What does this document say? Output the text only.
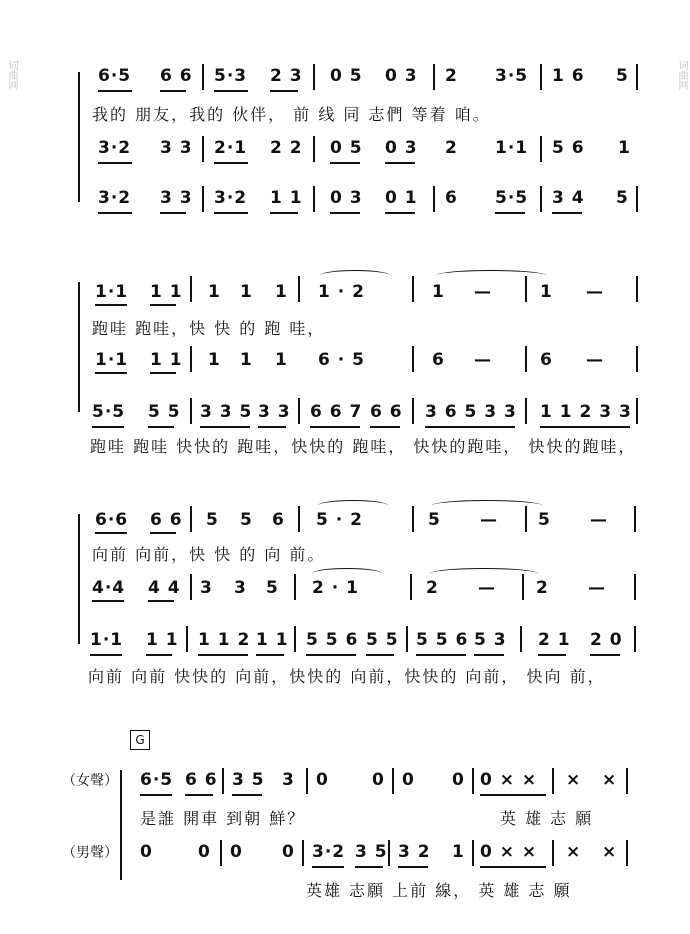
词曲网	词曲网
6·5 6 6 5·3 2 3 0 5 0 3 2 3·5 1 6 5
我的 朋友，我的 伙伴， 前 线 同 志們 等着 咱。
3·2 3 3 2·1 2 2 0 5 0 3 2 1·1 5 6 1
3·2 3 3 3·2 1 1 0 3 0 1 6 5·5 3 4 5
1·1 1 1 1 1 1 1 · 2	1 —	1 —
跑哇 跑哇，快 快 的 跑 哇，
1·1 1 1 1 1 1 6 · 5	6 —	6 —
5·5 5 5 3 3 5 3 3 6 6 7 6 6 3 6 5 3 3 1 1 2 3 3
跑哇 跑哇 快快的 跑哇，快快的 跑哇， 快快的跑哇， 快快的跑哇，
6·6 6 6 5 5 6 5 · 2	5 — 5 —
向前 向前，快 快 的 向 前。
4·4 4 4 3 3 5 2 · 1	2 — 2 —
1·1 1 1 1 1 2 1 1 5 5 6 5 5 5 5 6 5 3 2 1 2 0
向前 向前 快快的 向前，快快的 向前，快快的 向前， 快向 前，
G
（女聲） 6·5 6 6 3 5 3 0	0 0 0 0 × × × ×
是誰 開車 到朝 鮮？	英 雄 志 願
（男聲） 0	0 0 0 3·2 3 5 3 2 1 0 × × × ×
英雄 志願 上前 線， 英 雄 志 願
